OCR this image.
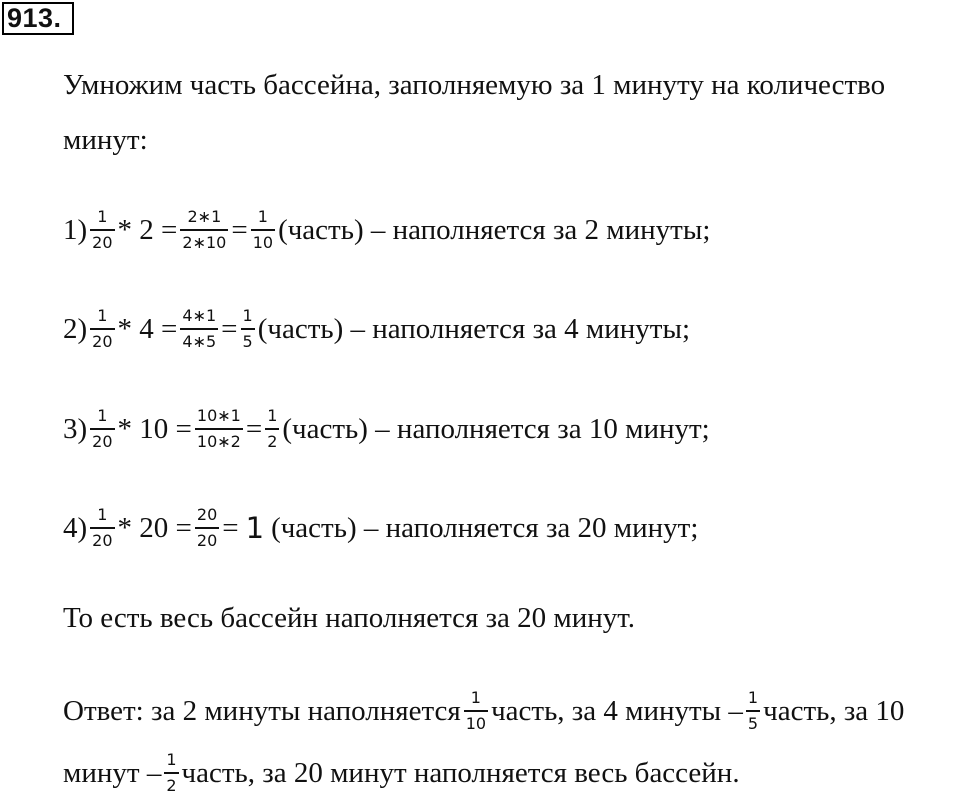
913.
Умножим часть бассейна, заполняемую за 1 минуту на количество
минут:
$1) \frac{1}{20} * 2 = \frac{2∗1}{2∗10} = \frac{1}{10}$ (часть) – наполняется за 2 минуты;
$2) \frac{1}{20} * 4 = \frac{4∗1}{4∗5} = \frac{1}{5}$ (часть) – наполняется за 4 минуты;
$3) \frac{1}{20} * 10 = \frac{10∗1}{10∗2} = \frac{1}{2}$ (часть) – наполняется за 10 минут;
$4) \frac{1}{20} * 20 = \frac{20}{20} = 1$ (часть) – наполняется за 20 минут;
То есть весь бассейн наполняется за 20 минут.
Ответ: за 2 минуты наполняется $\frac{1}{10}$ часть, за 4 минуты – $\frac{1}{5}$ часть, за 10
минут – $\frac{1}{2}$ часть, за 20 минут наполняется весь бассейн.
